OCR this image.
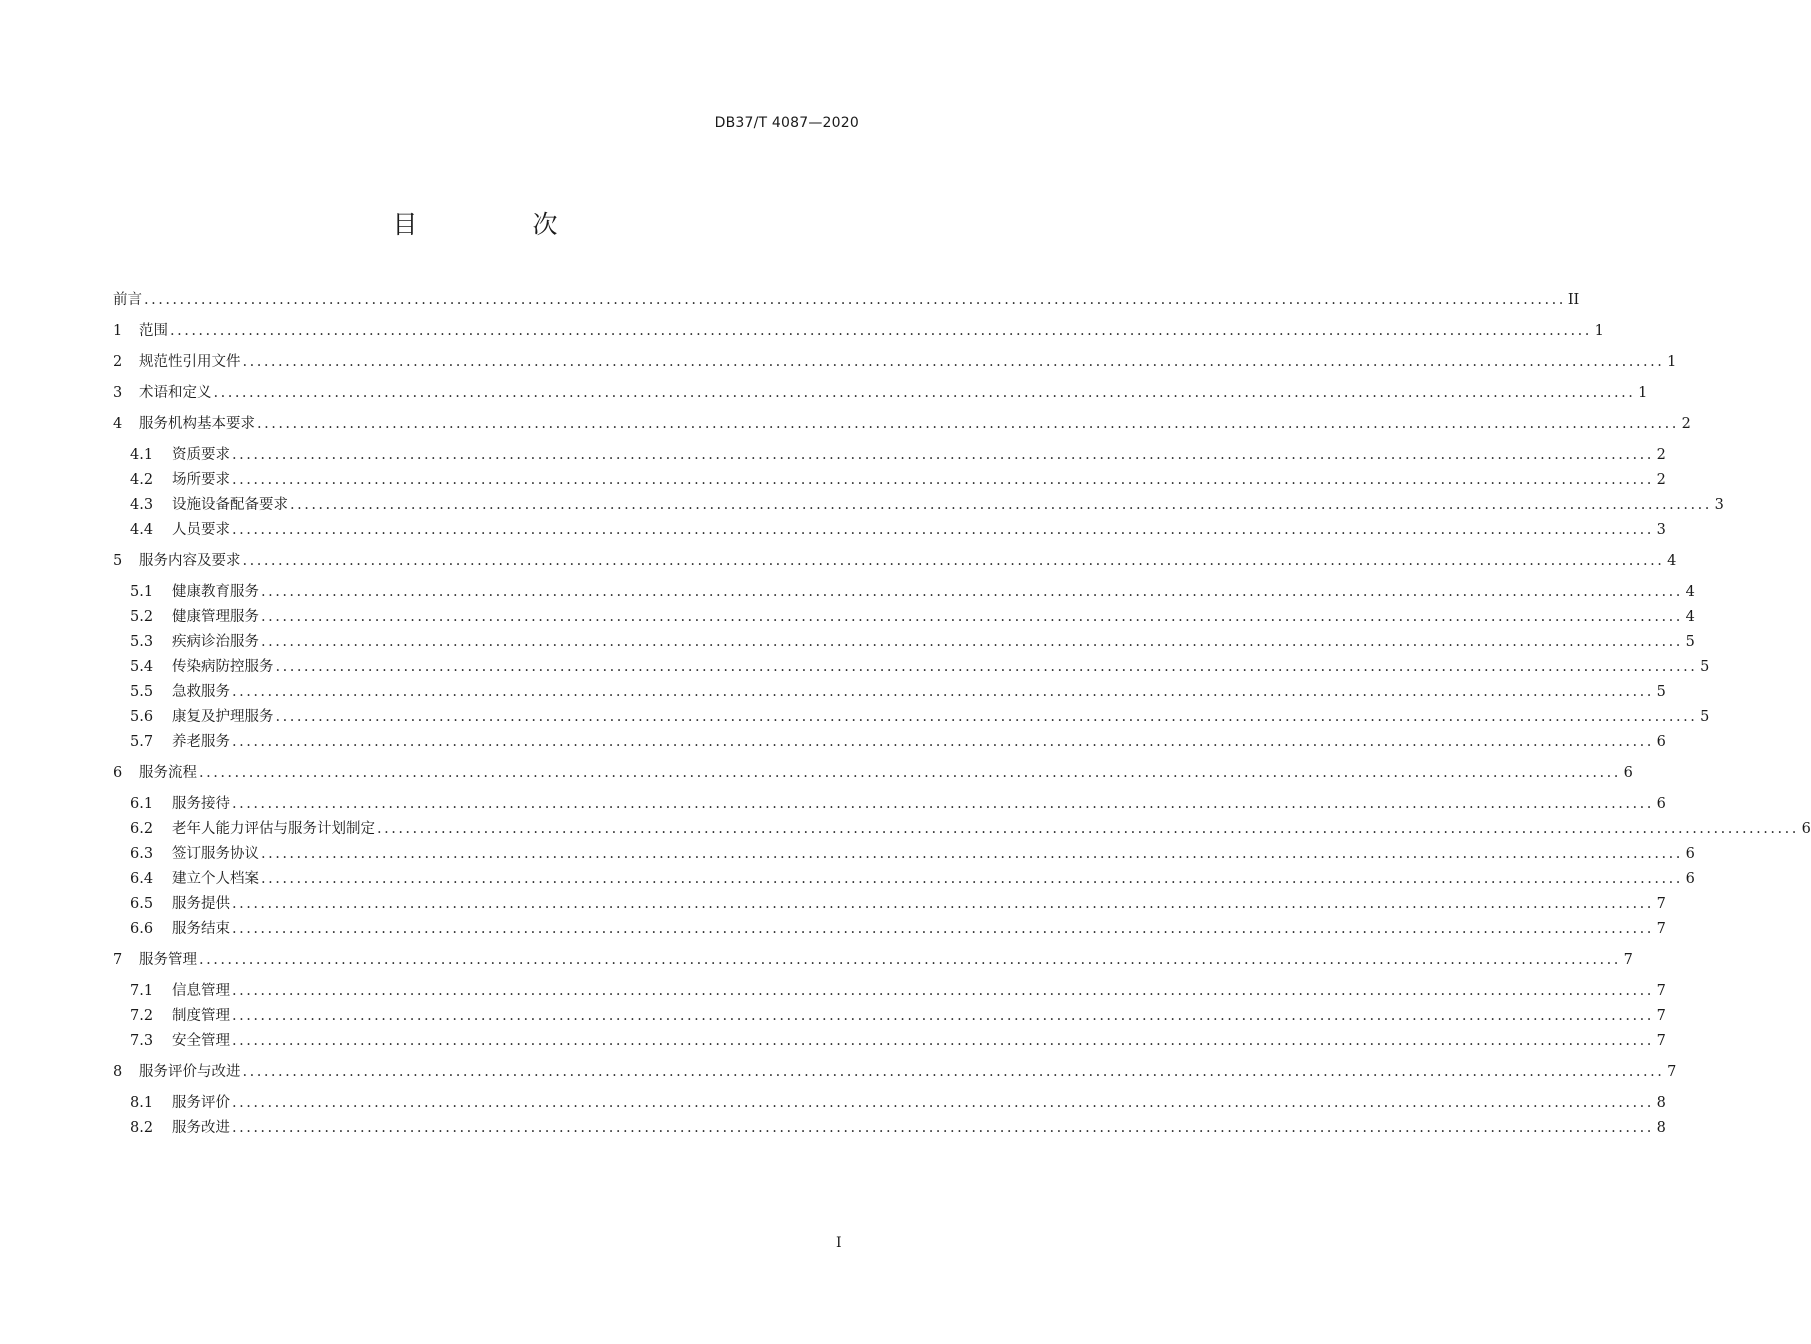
DB37/T 4087—2020
目　次
前言 ........................................................................................................................................................................................................ II
1	范围 ........................................................................................................................................................................................................ 1
2	规范性引用文件 ........................................................................................................................................................................................................ 1
3	术语和定义 ........................................................................................................................................................................................................ 1
4	服务机构基本要求 ........................................................................................................................................................................................................ 2
4.1	资质要求 ........................................................................................................................................................................................................ 2
4.2	场所要求 ........................................................................................................................................................................................................ 2
4.3	设施设备配备要求 ........................................................................................................................................................................................................ 3
4.4	人员要求 ........................................................................................................................................................................................................ 3
5	服务内容及要求 ........................................................................................................................................................................................................ 4
5.1	健康教育服务 ........................................................................................................................................................................................................ 4
5.2	健康管理服务 ........................................................................................................................................................................................................ 4
5.3	疾病诊治服务 ........................................................................................................................................................................................................ 5
5.4	传染病防控服务 ........................................................................................................................................................................................................ 5
5.5	急救服务 ........................................................................................................................................................................................................ 5
5.6	康复及护理服务 ........................................................................................................................................................................................................ 5
5.7	养老服务 ........................................................................................................................................................................................................ 6
6	服务流程 ........................................................................................................................................................................................................ 6
6.1	服务接待 ........................................................................................................................................................................................................ 6
6.2	老年人能力评估与服务计划制定 ........................................................................................................................................................................................................ 6
6.3	签订服务协议 ........................................................................................................................................................................................................ 6
6.4	建立个人档案 ........................................................................................................................................................................................................ 6
6.5	服务提供 ........................................................................................................................................................................................................ 7
6.6	服务结束 ........................................................................................................................................................................................................ 7
7	服务管理 ........................................................................................................................................................................................................ 7
7.1	信息管理 ........................................................................................................................................................................................................ 7
7.2	制度管理 ........................................................................................................................................................................................................ 7
7.3	安全管理 ........................................................................................................................................................................................................ 7
8	服务评价与改进 ........................................................................................................................................................................................................ 7
8.1	服务评价 ........................................................................................................................................................................................................ 8
8.2	服务改进 ........................................................................................................................................................................................................ 8
I
